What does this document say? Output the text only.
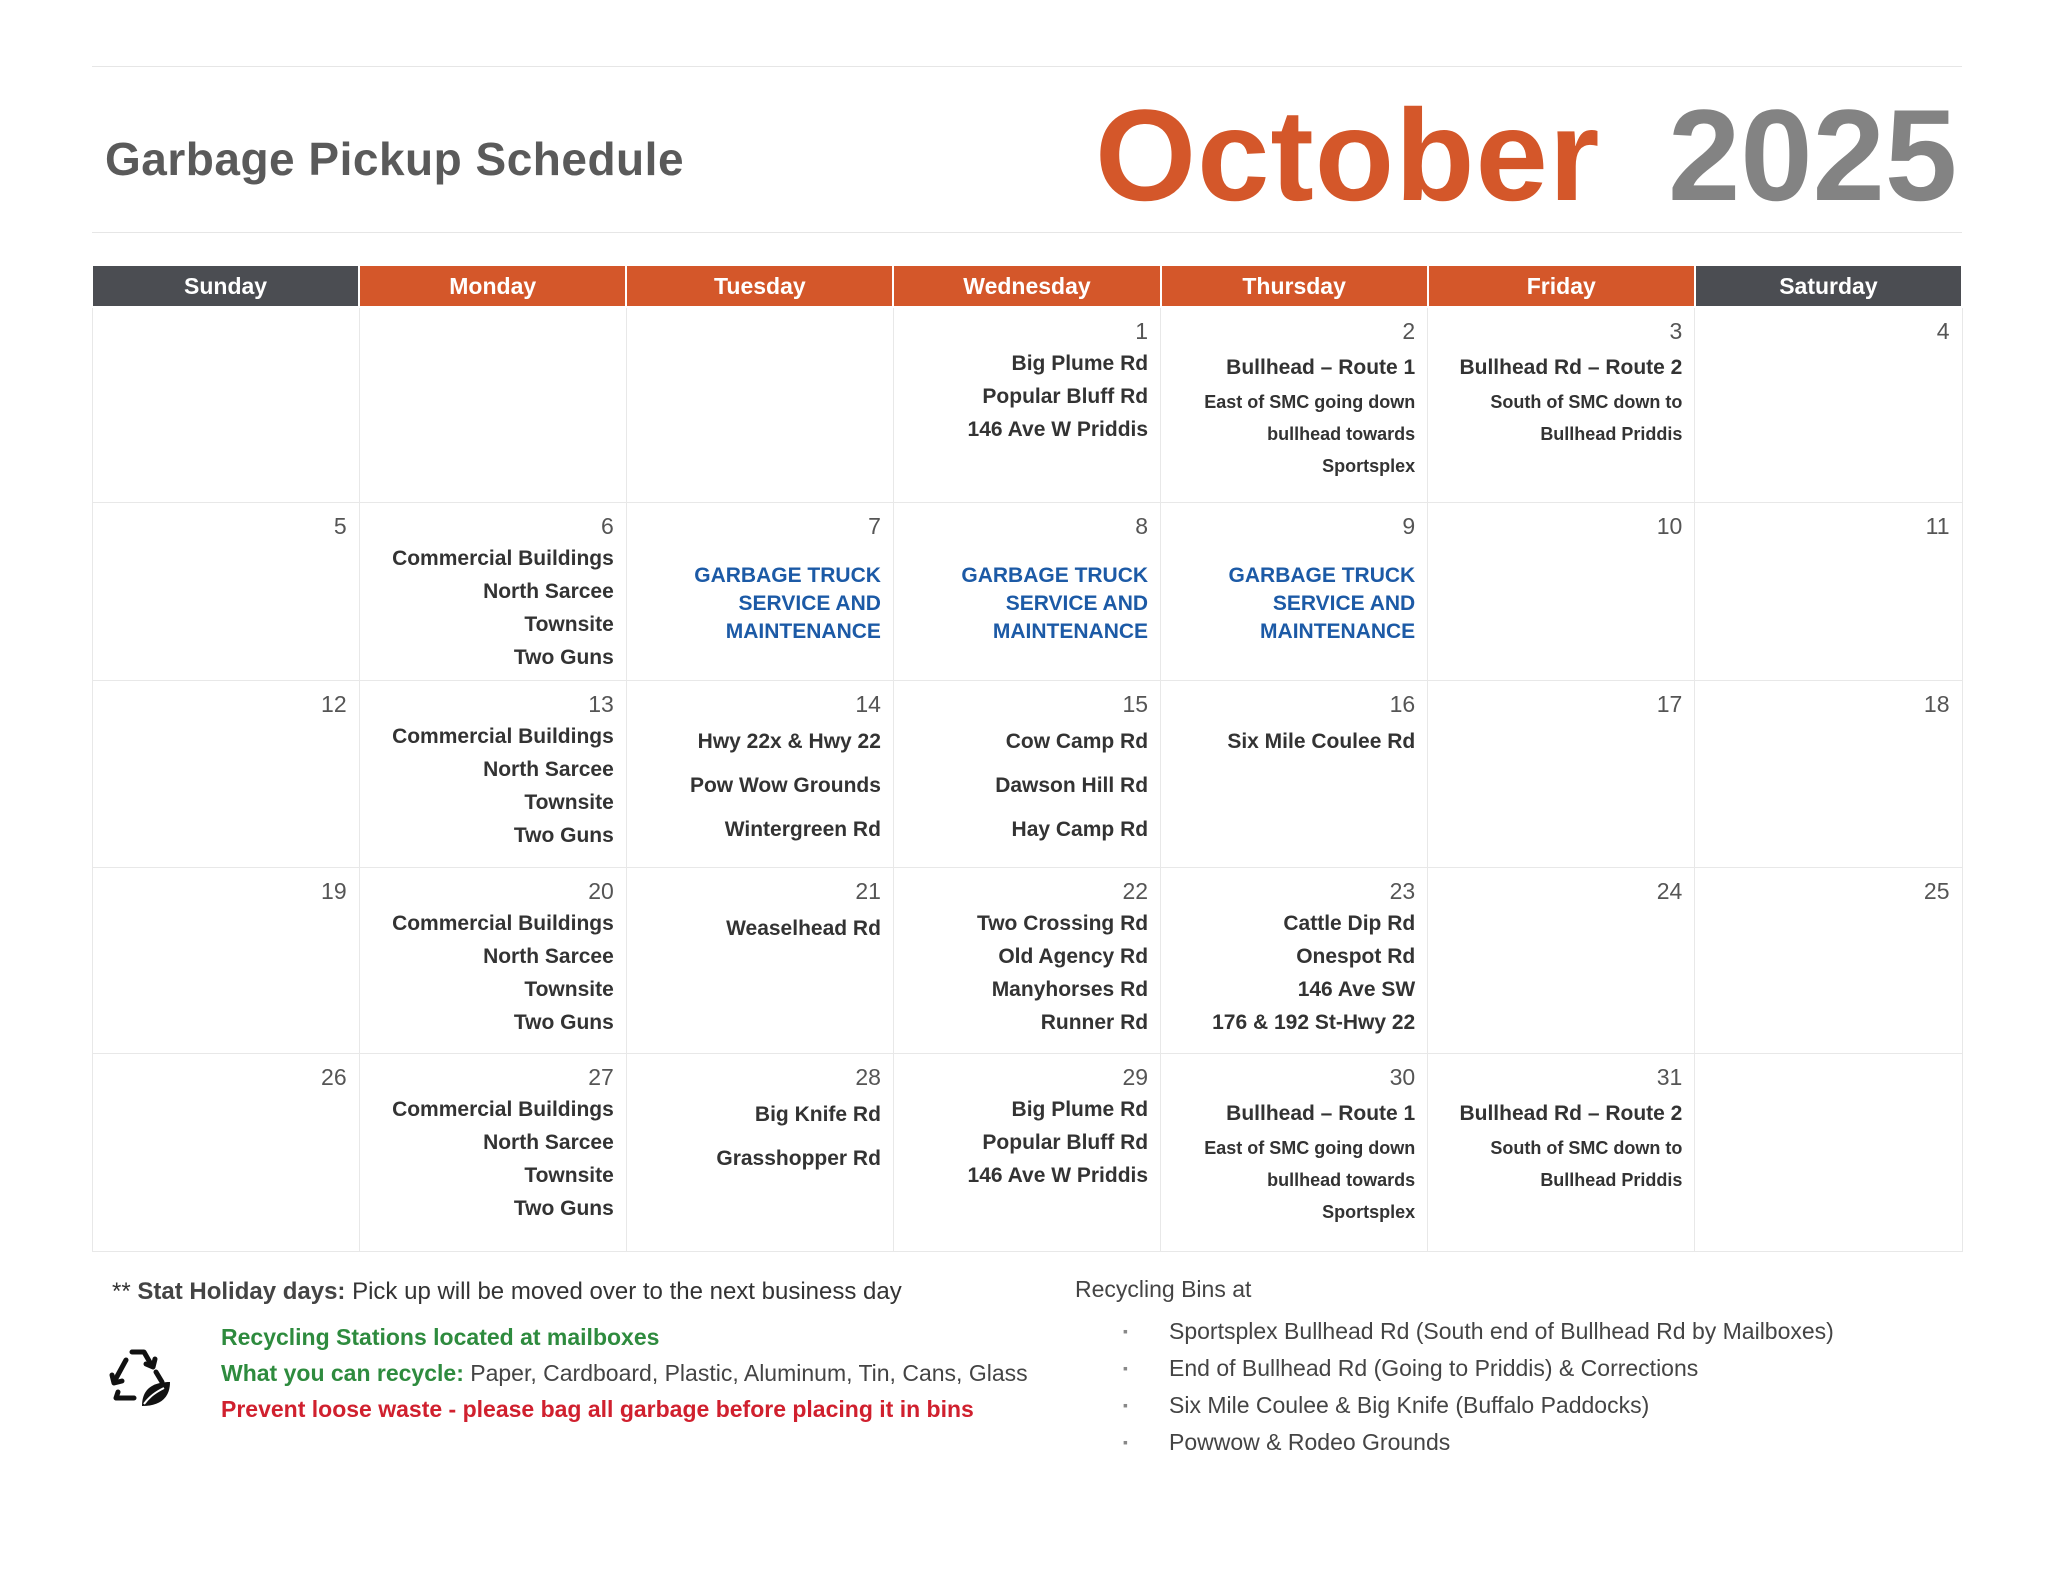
Garbage Pickup Schedule	October 2025
Sunday	Monday	Tuesday	Wednesday	Thursday	Friday	Saturday

			1
Big Plume Rd
Popular Bluff Rd
146 Ave W Priddis	2
Bullhead – Route 1
East of SMC going down
bullhead towards
Sportsplex	3
Bullhead Rd – Route 2
South of SMC down to
Bullhead Priddis	4

5	6
Commercial Buildings
North Sarcee
Townsite
Two Guns	7
GARBAGE TRUCK
SERVICE AND
MAINTENANCE	8
GARBAGE TRUCK
SERVICE AND
MAINTENANCE	9
GARBAGE TRUCK
SERVICE AND
MAINTENANCE	10	11

12	13
Commercial Buildings
North Sarcee
Townsite
Two Guns	14
Hwy 22x & Hwy 22
Pow Wow Grounds
Wintergreen Rd	15
Cow Camp Rd
Dawson Hill Rd
Hay Camp Rd	16
Six Mile Coulee Rd	17	18

19	20
Commercial Buildings
North Sarcee
Townsite
Two Guns	21
Weaselhead Rd	22
Two Crossing Rd
Old Agency Rd
Manyhorses Rd
Runner Rd	23
Cattle Dip Rd
Onespot Rd
146 Ave SW
176 & 192 St-Hwy 22	24	25

26	27
Commercial Buildings
North Sarcee
Townsite
Two Guns	28
Big Knife Rd
Grasshopper Rd	29
Big Plume Rd
Popular Bluff Rd
146 Ave W Priddis	30
Bullhead – Route 1
East of SMC going down
bullhead towards
Sportsplex	31
Bullhead Rd – Route 2
South of SMC down to
Bullhead Priddis	

** Stat Holiday days: Pick up will be moved over to the next business day
Recycling Stations located at mailboxes
What you can recycle: Paper, Cardboard, Plastic, Aluminum, Tin, Cans, Glass
Prevent loose waste - please bag all garbage before placing it in bins
Recycling Bins at
▪ Sportsplex Bullhead Rd (South end of Bullhead Rd by Mailboxes)
▪ End of Bullhead Rd (Going to Priddis) & Corrections
▪ Six Mile Coulee & Big Knife (Buffalo Paddocks)
▪ Powwow & Rodeo Grounds
